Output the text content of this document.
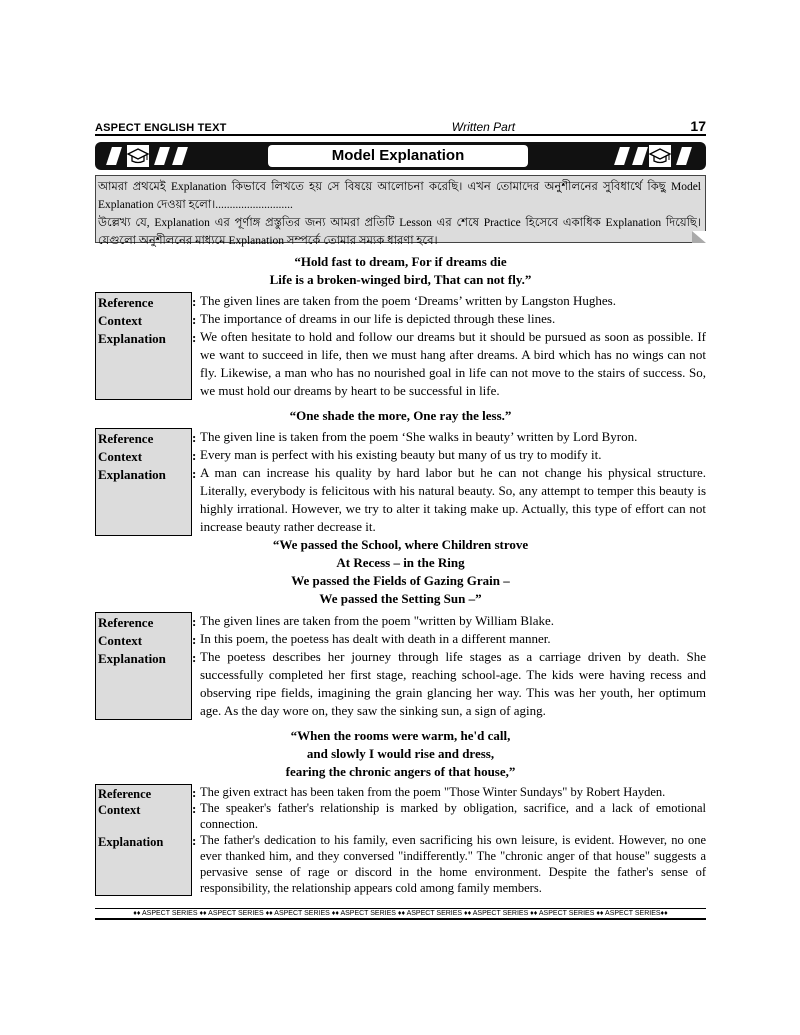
ASPECT ENGLISH TEXT	Written Part	17
Model Explanation

আমরা প্রথমেই Explanation কিভাবে লিখতে হয় সে বিষয়ে আলোচনা করেছি। এখন তোমাদের অনুশীলনের সুবিধার্থে কিছু Model Explanation দেওয়া হলো।...........................

উল্লেখ্য যে, Explanation এর পূর্ণাঙ্গ প্রস্তুতির জন্য আমরা প্রতিটি Lesson এর শেষে Practice হিসেবে একাধিক Explanation দিয়েছি। যেগুলো অনুশীলনের মাধ্যমে Explanation সম্পর্কে তোমার সম্যক ধারণা হবে।

“Hold fast to dream, For if dreams die
Life is a broken-winged bird, That can not fly.”
Reference
Context
Explanation
:
:
:
The given lines are taken from the poem ‘Dreams’ written by Langston Hughes.
The importance of dreams in our life is depicted through these lines.
We often hesitate to hold and follow our dreams but it should be pursued as soon as possible. If we want to succeed in life, then we must hang after dreams. A bird which has no wings can not fly. Likewise, a man who has no nourished goal in life can not move to the stairs of success. So, we must hold our dreams by heart to be successful in life.
“One shade the more, One ray the less.”
Reference
Context
Explanation
:
:
:
The given line is taken from the poem ‘She walks in beauty’ written by Lord Byron.
Every man is perfect with his existing beauty but many of us try to modify it.
A man can increase his quality by hard labor but he can not change his physical structure. Literally, everybody is felicitous with his natural beauty. So, any attempt to temper this beauty is highly irrational. However, we try to alter it taking make up. Actually, this type of effort can not increase beauty rather decrease it.
“We passed the School, where Children strove
At Recess – in the Ring
We passed the Fields of Gazing Grain –
We passed the Setting Sun –”
Reference
Context
Explanation
:
:
:
The given lines are taken from the poem "written by William Blake.
In this poem, the poetess has dealt with death in a different manner.
The poetess describes her journey through life stages as a carriage driven by death. She successfully completed her first stage, reaching school-age. The kids were having recess and observing ripe fields, imagining the grain glancing her way. This was her youth, her optimum age. As the day wore on, they saw the sinking sun, a sign of aging.
“When the rooms were warm, he'd call,
and slowly I would rise and dress,
fearing the chronic angers of that house,”
Reference
Context
Explanation
:
:
:
The given extract has been taken from the poem "Those Winter Sundays" by Robert Hayden.
The speaker's father's relationship is marked by obligation, sacrifice, and a lack of emotional connection.
The father's dedication to his family, even sacrificing his own leisure, is evident. However, no one ever thanked him, and they conversed "indifferently." The "chronic anger of that house" suggests a pervasive sense of rage or discord in the home environment. Despite the father's sense of responsibility, the relationship appears cold among family members.
♦♦ ASPECT SERIES ♦♦ ASPECT SERIES ♦♦ ASPECT SERIES ♦♦ ASPECT SERIES ♦♦ ASPECT SERIES ♦♦ ASPECT SERIES ♦♦ ASPECT SERIES ♦♦ ASPECT SERIES♦♦
